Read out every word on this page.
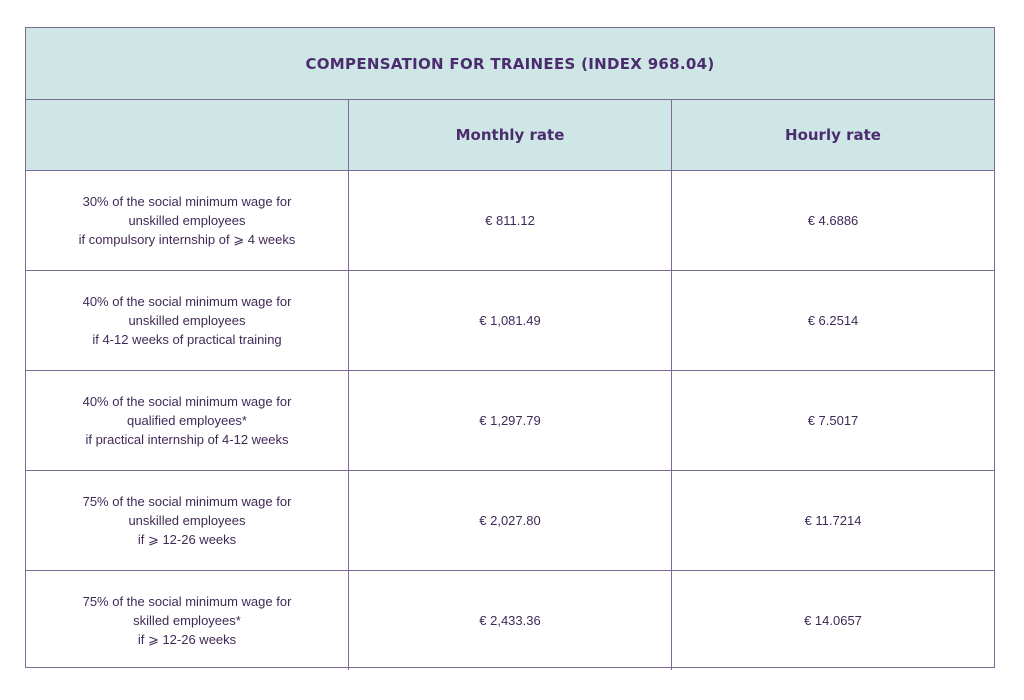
COMPENSATION FOR TRAINEES (INDEX 968.04)
Monthly rate	Hourly rate
30% of the social minimum wage for
unskilled employees
if compulsory internship of ⩾ 4 weeks
€ 811.12	€ 4.6886
40% of the social minimum wage for
unskilled employees
if 4-12 weeks of practical training
€ 1,081.49	€ 6.2514
40% of the social minimum wage for
qualified employees*
if practical internship of 4-12 weeks
€ 1,297.79	€ 7.5017
75% of the social minimum wage for
unskilled employees
if ⩾ 12-26 weeks
€ 2,027.80	€ 11.7214
75% of the social minimum wage for
skilled employees*
if ⩾ 12-26 weeks
€ 2,433.36	€ 14.0657
